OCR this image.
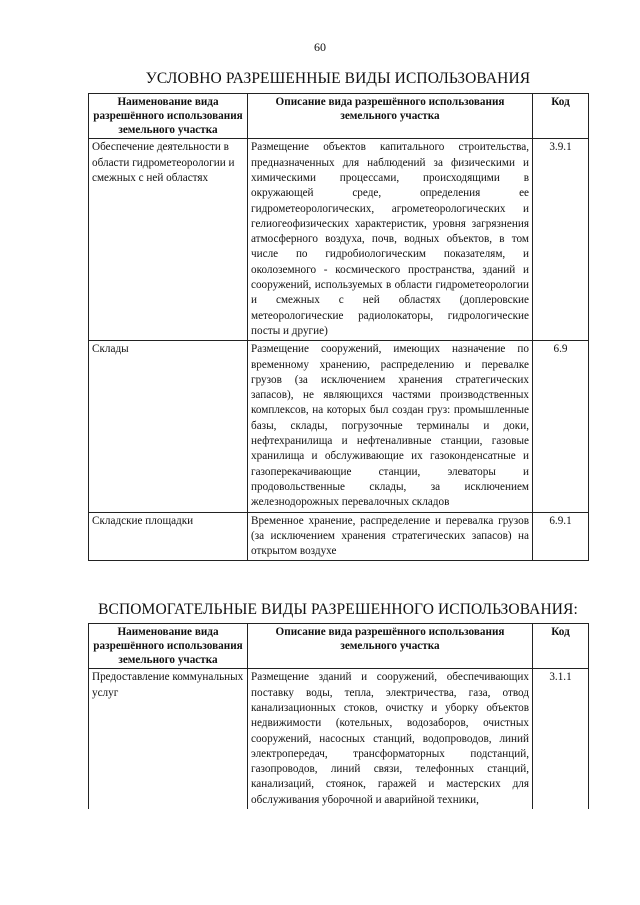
60
УСЛОВНО РАЗРЕШЕННЫЕ ВИДЫ ИСПОЛЬЗОВАНИЯ
Наименование вида разрешённого использования земельного участка	Описание вида разрешённого использования земельного участка	Код
Обеспечение деятельности в области гидрометеорологии и смежных с ней областях	Размещение объектов капитального строительства, предназначенных для наблюдений за физическими и химическими процессами, происходящими в окружающей среде, определения ее гидрометеорологических, агрометеорологических и гелиогеофизических характеристик, уровня загрязнения атмосферного воздуха, почв, водных объектов, в том числе по гидробиологическим показателям, и околоземного - космического пространства, зданий и сооружений, используемых в области гидрометеорологии и смежных с ней областях (доплеровские метеорологические радиолокаторы, гидрологические посты и другие)	3.9.1
Склады	Размещение сооружений, имеющих назначение по временному хранению, распределению и перевалке грузов (за исключением хранения стратегических запасов), не являющихся частями производственных комплексов, на которых был создан груз: промышленные базы, склады, погрузочные терминалы и доки, нефтехранилища и нефтеналивные станции, газовые хранилища и обслуживающие их газоконденсатные и газоперекачивающие станции, элеваторы и продовольственные склады, за исключением железнодорожных перевалочных складов	6.9
Складские площадки	Временное хранение, распределение и перевалка грузов (за исключением хранения стратегических запасов) на открытом воздухе	6.9.1
ВСПОМОГАТЕЛЬНЫЕ ВИДЫ РАЗРЕШЕННОГО ИСПОЛЬЗОВАНИЯ:
Наименование вида разрешённого использования земельного участка	Описание вида разрешённого использования земельного участка	Код
Предоставление коммунальных услуг	Размещение зданий и сооружений, обеспечивающих поставку воды, тепла, электричества, газа, отвод канализационных стоков, очистку и уборку объектов недвижимости (котельных, водозаборов, очистных сооружений, насосных станций, водопроводов, линий электропередач, трансформаторных подстанций, газопроводов, линий связи, телефонных станций, канализаций, стоянок, гаражей и мастерских для обслуживания уборочной и аварийной техники,	3.1.1
